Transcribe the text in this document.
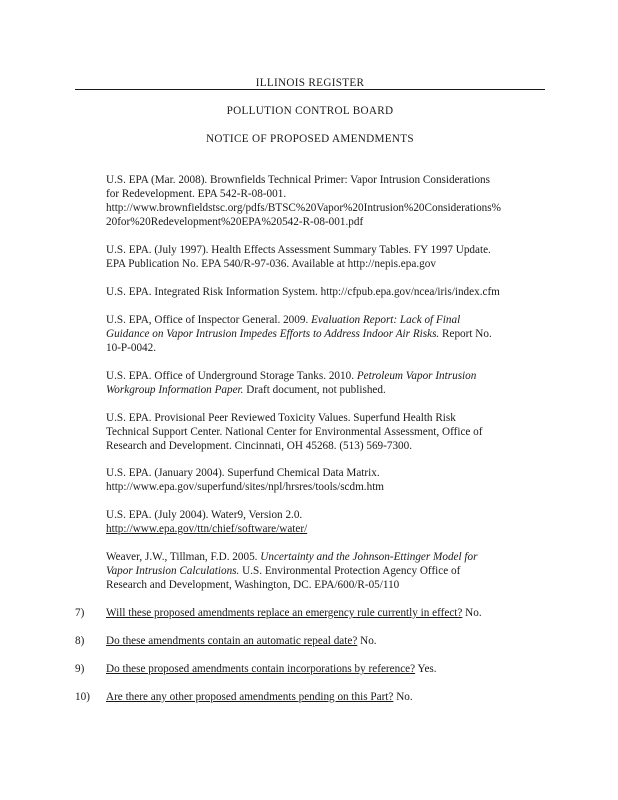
ILLINOIS REGISTER
POLLUTION CONTROL BOARD
NOTICE OF PROPOSED AMENDMENTS
U.S. EPA (Mar. 2008). Brownfields Technical Primer: Vapor Intrusion Considerations
for Redevelopment. EPA 542-R-08-001.
http://www.brownfieldstsc.org/pdfs/BTSC%20Vapor%20Intrusion%20Considerations%
20for%20Redevelopment%20EPA%20542-R-08-001.pdf
U.S. EPA. (July 1997). Health Effects Assessment Summary Tables. FY 1997 Update.
EPA Publication No. EPA 540/R-97-036. Available at http://nepis.epa.gov
U.S. EPA. Integrated Risk Information System. http://cfpub.epa.gov/ncea/iris/index.cfm
U.S. EPA, Office of Inspector General. 2009. Evaluation Report: Lack of Final
Guidance on Vapor Intrusion Impedes Efforts to Address Indoor Air Risks. Report No.
10-P-0042.
U.S. EPA. Office of Underground Storage Tanks. 2010. Petroleum Vapor Intrusion
Workgroup Information Paper. Draft document, not published.
U.S. EPA. Provisional Peer Reviewed Toxicity Values. Superfund Health Risk
Technical Support Center. National Center for Environmental Assessment, Office of
Research and Development. Cincinnati, OH 45268. (513) 569-7300.
U.S. EPA. (January 2004). Superfund Chemical Data Matrix.
http://www.epa.gov/superfund/sites/npl/hrsres/tools/scdm.htm
U.S. EPA. (July 2004). Water9, Version 2.0.
http://www.epa.gov/ttn/chief/software/water/
Weaver, J.W., Tillman, F.D. 2005. Uncertainty and the Johnson-Ettinger Model for
Vapor Intrusion Calculations. U.S. Environmental Protection Agency Office of
Research and Development, Washington, DC. EPA/600/R-05/110
7) Will these proposed amendments replace an emergency rule currently in effect? No.
8) Do these amendments contain an automatic repeal date? No.
9) Do these proposed amendments contain incorporations by reference? Yes.
10) Are there any other proposed amendments pending on this Part? No.
